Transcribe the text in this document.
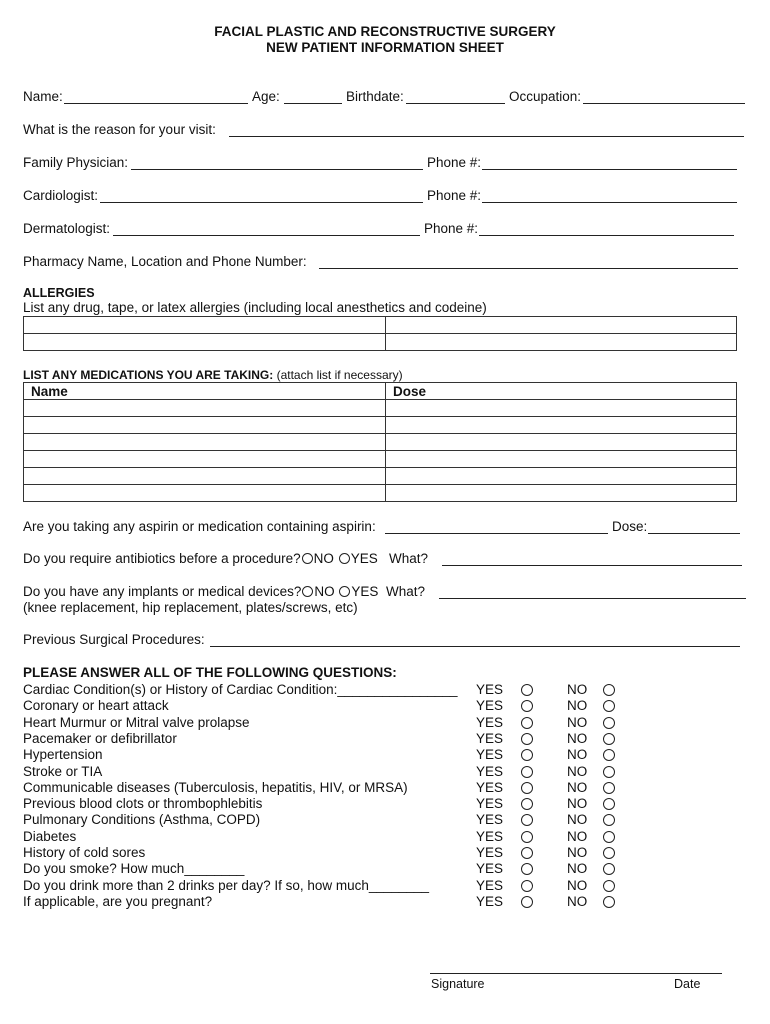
FACIAL PLASTIC AND RECONSTRUCTIVE SURGERY
NEW PATIENT INFORMATION SHEET
Name:	Age:	Birthdate:	Occupation:
What is the reason for your visit:
Family Physician:	Phone #:
Cardiologist:	Phone #:
Dermatologist:	Phone #:
Pharmacy Name, Location and Phone Number:
ALLERGIES
List any drug, tape, or latex allergies (including local anesthetics and codeine)

LIST ANY MEDICATIONS YOU ARE TAKING: (attach list if necessary)
Name	Dose

Are you taking any aspirin or medication containing aspirin:	Dose:
Do you require antibiotics before a procedure? NO YES What?
Do you have any implants or medical devices? NO YES What?
(knee replacement, hip replacement, plates/screws, etc)
Previous Surgical Procedures:
PLEASE ANSWER ALL OF THE FOLLOWING QUESTIONS:
Cardiac Condition(s) or History of Cardiac Condition:________________ YES	NO
Coronary or heart attack	YES	NO
Heart Murmur or Mitral valve prolapse	YES	NO
Pacemaker or defibrillator	YES	NO
Hypertension	YES	NO
Stroke or TIA	YES	NO
Communicable diseases (Tuberculosis, hepatitis, HIV, or MRSA)	YES	NO
Previous blood clots or thrombophlebitis	YES	NO
Pulmonary Conditions (Asthma, COPD)	YES	NO
Diabetes	YES	NO
History of cold sores	YES	NO
Do you smoke? How much________	YES	NO
Do you drink more than 2 drinks per day? If so, how much________	YES	NO
If applicable, are you pregnant?	YES	NO
Signature	Date
